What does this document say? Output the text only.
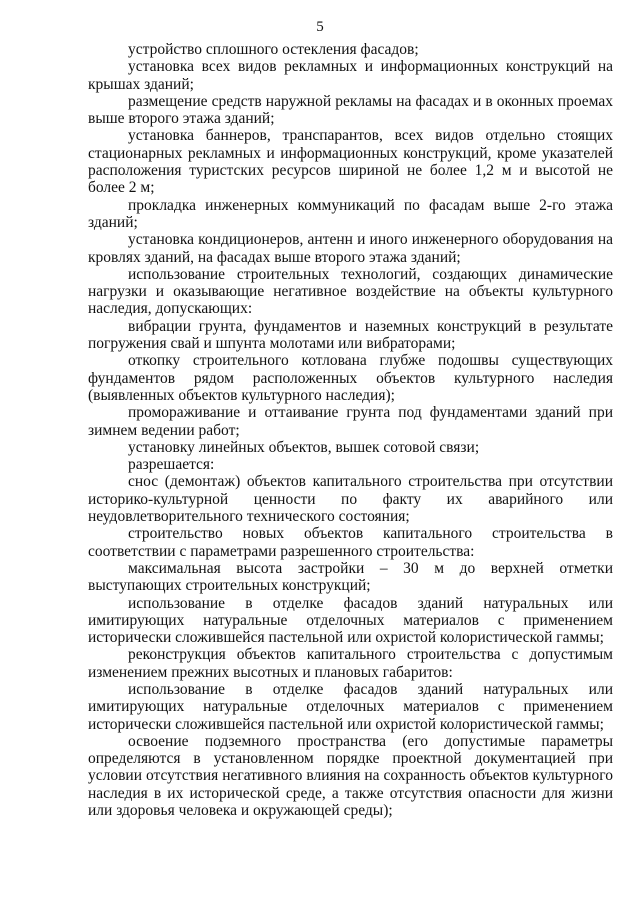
5

устройство сплошного остекления фасадов;

установка всех видов рекламных и информационных конструкций на крышах зданий;

размещение средств наружной рекламы на фасадах и в оконных проемах выше второго этажа зданий;

установка баннеров, транспарантов, всех видов отдельно стоящих стационарных рекламных и информационных конструкций, кроме указателей расположения туристских ресурсов шириной не более 1,2 м и высотой не более 2 м;

прокладка инженерных коммуникаций по фасадам выше 2-го этажа зданий;

установка кондиционеров, антенн и иного инженерного оборудования на кровлях зданий, на фасадах выше второго этажа зданий;

использование строительных технологий, создающих динамические нагрузки и оказывающие негативное воздействие на объекты культурного наследия, допускающих:

вибрации грунта, фундаментов и наземных конструкций в результате погружения свай и шпунта молотами или вибраторами;

откопку строительного котлована глубже подошвы существующих фундаментов рядом расположенных объектов культурного наследия (выявленных объектов культурного наследия);

промораживание и оттаивание грунта под фундаментами зданий при зимнем ведении работ;

установку линейных объектов, вышек сотовой связи;

разрешается:

снос (демонтаж) объектов капитального строительства при отсутствии историко-культурной ценности по факту их аварийного или неудовлетворительного технического состояния;

строительство новых объектов капитального строительства в соответствии с параметрами разрешенного строительства:

максимальная высота застройки – 30 м до верхней отметки выступающих строительных конструкций;

использование в отделке фасадов зданий натуральных или имитирующих натуральные отделочных материалов с применением исторически сложившейся пастельной или охристой колористической гаммы;

реконструкция объектов капитального строительства с допустимым изменением прежних высотных и плановых габаритов:

использование в отделке фасадов зданий натуральных или имитирующих натуральные отделочных материалов с применением исторически сложившейся пастельной или охристой колористической гаммы;

освоение подземного пространства (его допустимые параметры определяются в установленном порядке проектной документацией при условии отсутствия негативного влияния на сохранность объектов культурного наследия в их исторической среде, а также отсутствия опасности для жизни или здоровья человека и окружающей среды);
